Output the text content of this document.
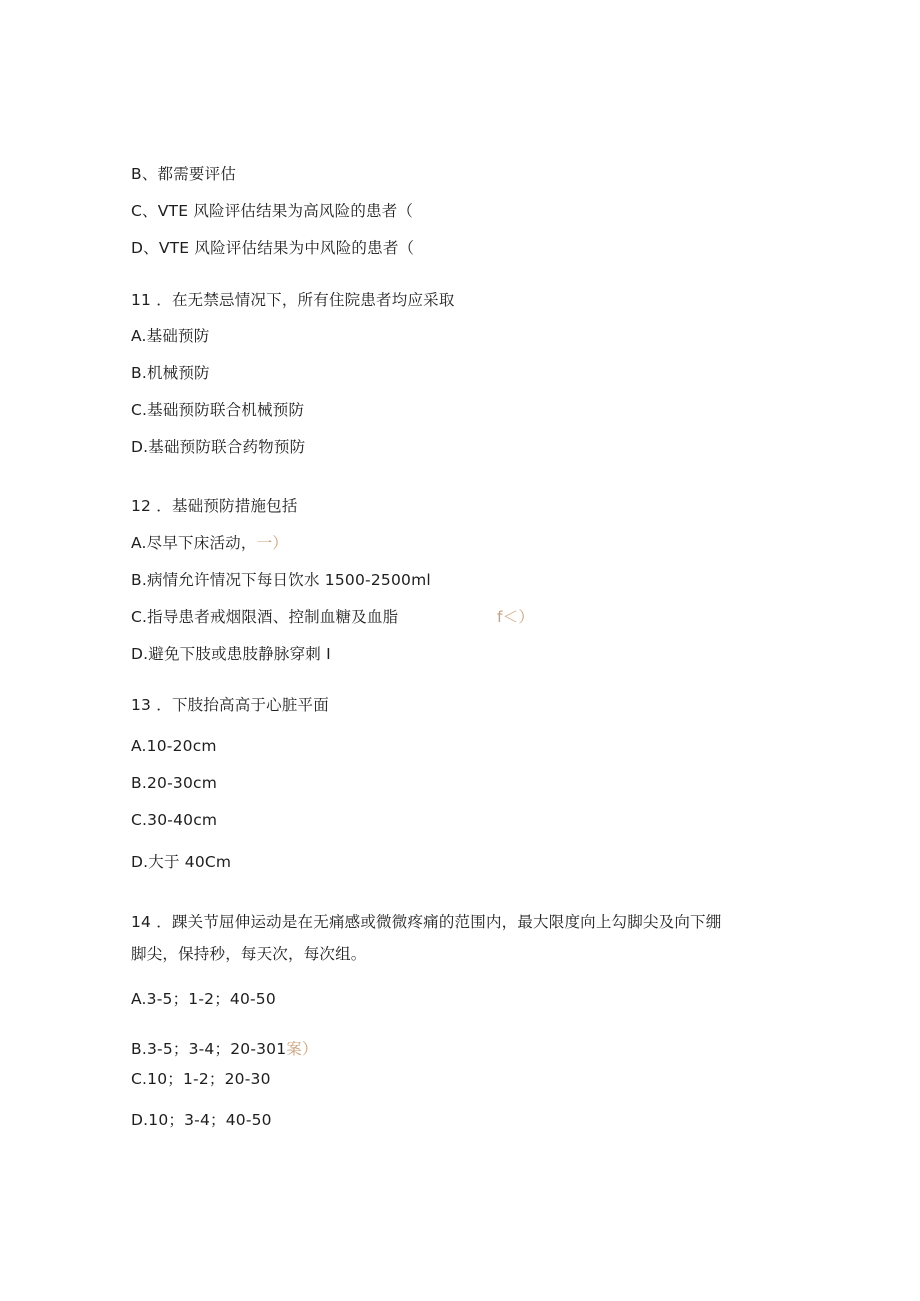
B、都需要评估
C、VTE 风险评估结果为高风险的患者（
D、VTE 风险评估结果为中风险的患者（
11 ．在无禁忌情况下，所有住院患者均应采取
A.基础预防
B.机械预防
C.基础预防联合机械预防
D.基础预防联合药物预防
12 ．基础预防措施包括
A.尽早下床活动，一）
B.病情允许情况下每日饮水 1500-2500ml
C.指导患者戒烟限酒、控制血糖及血脂	f＜）
D.避免下肢或患肢静脉穿刺 I
13 ．下肢抬高高于心脏平面
A.10-20cm
B.20-30cm
C.30-40cm
D.大于 40Cm
14 ．踝关节屈伸运动是在无痛感或微微疼痛的范围内，最大限度向上勾脚尖及向下绷
脚尖，保持秒，每天次，每次组。
A.3-5；1-2；40-50
B.3-5；3-4；20-301案）
C.10；1-2；20-30
D.10；3-4；40-50
